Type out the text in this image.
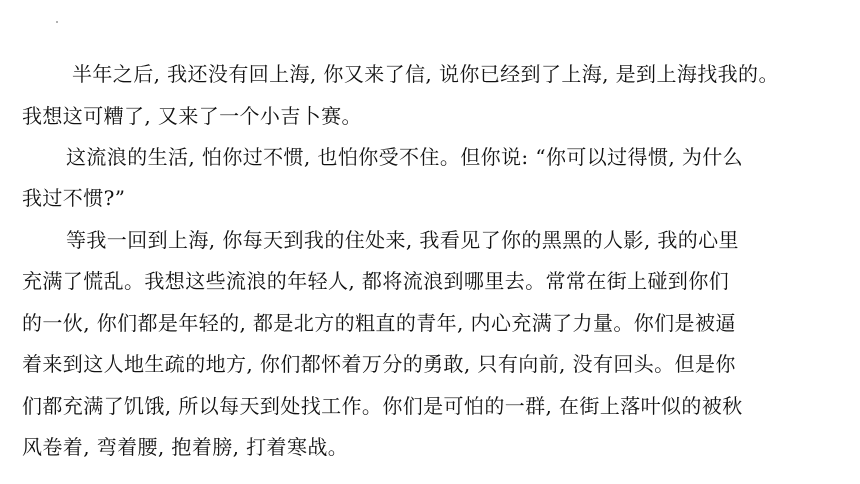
半年之后, 我还没有回上海, 你又来了信, 说你已经到了上海, 是到上海找我的。
我想这可糟了, 又来了一个小吉卜赛。
这流浪的生活, 怕你过不惯, 也怕你受不住。但你说: “你可以过得惯, 为什么
我过不惯?”
等我一回到上海, 你每天到我的住处来, 我看见了你的黑黑的人影, 我的心里
充满了慌乱。我想这些流浪的年轻人, 都将流浪到哪里去。常常在街上碰到你们
的一伙, 你们都是年轻的, 都是北方的粗直的青年, 内心充满了力量。你们是被逼
着来到这人地生疏的地方, 你们都怀着万分的勇敢, 只有向前, 没有回头。但是你
们都充满了饥饿, 所以每天到处找工作。你们是可怕的一群, 在街上落叶似的被秋
风卷着, 弯着腰, 抱着膀, 打着寒战。
